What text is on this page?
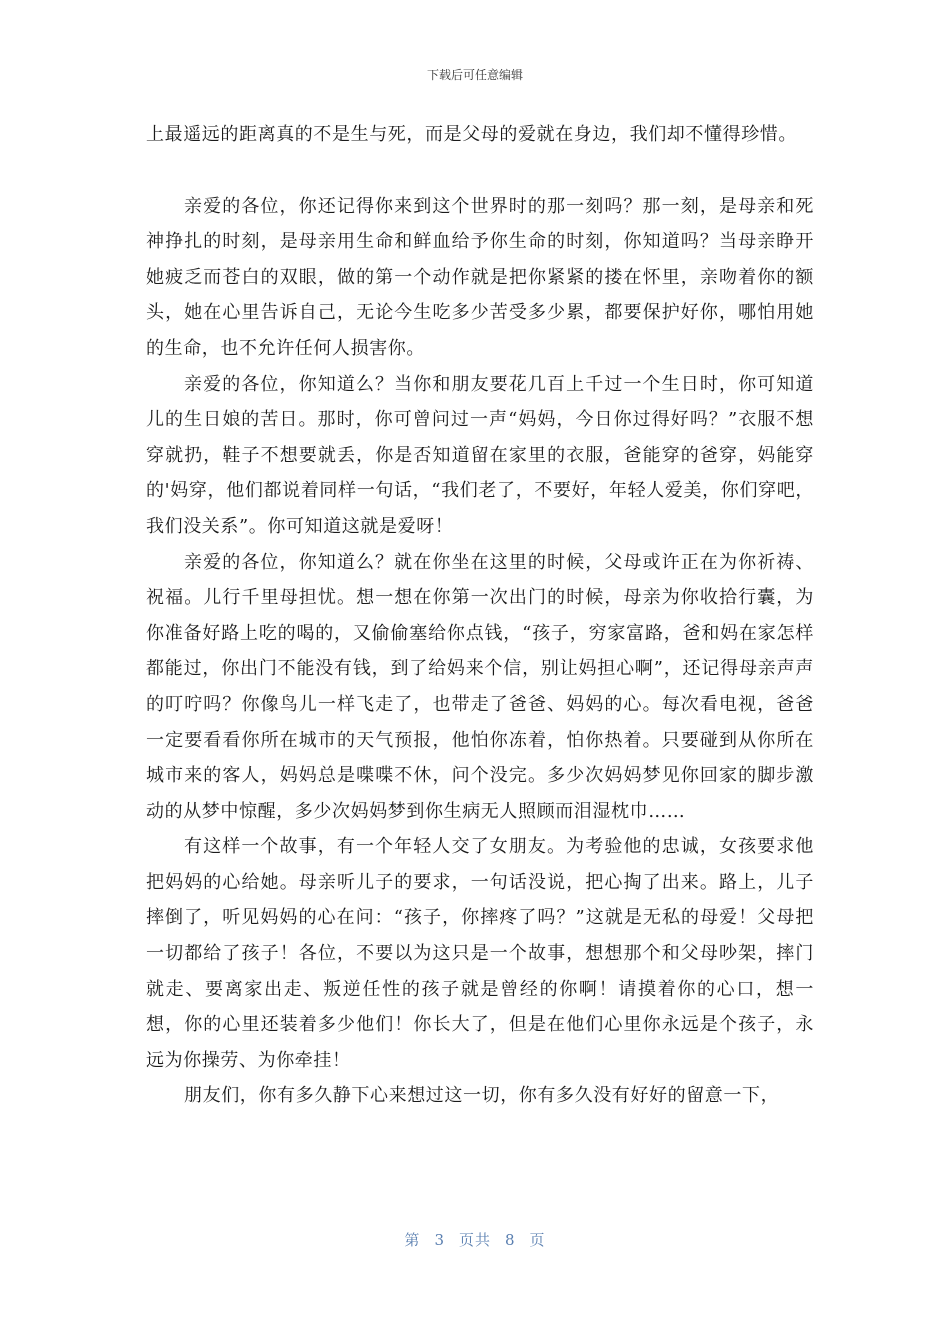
下载后可任意编辑

上最遥远的距离真的不是生与死，而是父母的爱就在身边，我们却不懂得珍惜。

亲爱的各位，你还记得你来到这个世界时的那一刻吗？那一刻，是母亲和死神挣扎的时刻，是母亲用生命和鲜血给予你生命的时刻，你知道吗？当母亲睁开她疲乏而苍白的双眼，做的第一个动作就是把你紧紧的搂在怀里，亲吻着你的额头，她在心里告诉自己，无论今生吃多少苦受多少累，都要保护好你，哪怕用她的生命，也不允许任何人损害你。

亲爱的各位，你知道么？当你和朋友要花几百上千过一个生日时，你可知道儿的生日娘的苦日。那时，你可曾问过一声“妈妈，今日你过得好吗？”衣服不想穿就扔，鞋子不想要就丢，你是否知道留在家里的衣服，爸能穿的爸穿，妈能穿的'妈穿，他们都说着同样一句话，“我们老了，不要好，年轻人爱美，你们穿吧，我们没关系”。你可知道这就是爱呀！

亲爱的各位，你知道么？就在你坐在这里的时候，父母或许正在为你祈祷、祝福。儿行千里母担忧。想一想在你第一次出门的时候，母亲为你收拾行囊，为你准备好路上吃的喝的，又偷偷塞给你点钱，“孩子，穷家富路，爸和妈在家怎样都能过，你出门不能没有钱，到了给妈来个信，别让妈担心啊”，还记得母亲声声的叮咛吗？你像鸟儿一样飞走了，也带走了爸爸、妈妈的心。每次看电视，爸爸一定要看看你所在城市的天气预报，他怕你冻着，怕你热着。只要碰到从你所在城市来的客人，妈妈总是喋喋不休，问个没完。多少次妈妈梦见你回家的脚步激动的从梦中惊醒，多少次妈妈梦到你生病无人照顾而泪湿枕巾……

有这样一个故事，有一个年轻人交了女朋友。为考验他的忠诚，女孩要求他把妈妈的心给她。母亲听儿子的要求，一句话没说，把心掏了出来。路上，儿子摔倒了，听见妈妈的心在问：“孩子，你摔疼了吗？”这就是无私的母爱！父母把一切都给了孩子！各位，不要以为这只是一个故事，想想那个和父母吵架，摔门就走、要离家出走、叛逆任性的孩子就是曾经的你啊！请摸着你的心口，想一想，你的心里还装着多少他们！你长大了，但是在他们心里你永远是个孩子，永远为你操劳、为你牵挂！

朋友们，你有多久静下心来想过这一切，你有多久没有好好的留意一下，

第 3 页共 8 页
